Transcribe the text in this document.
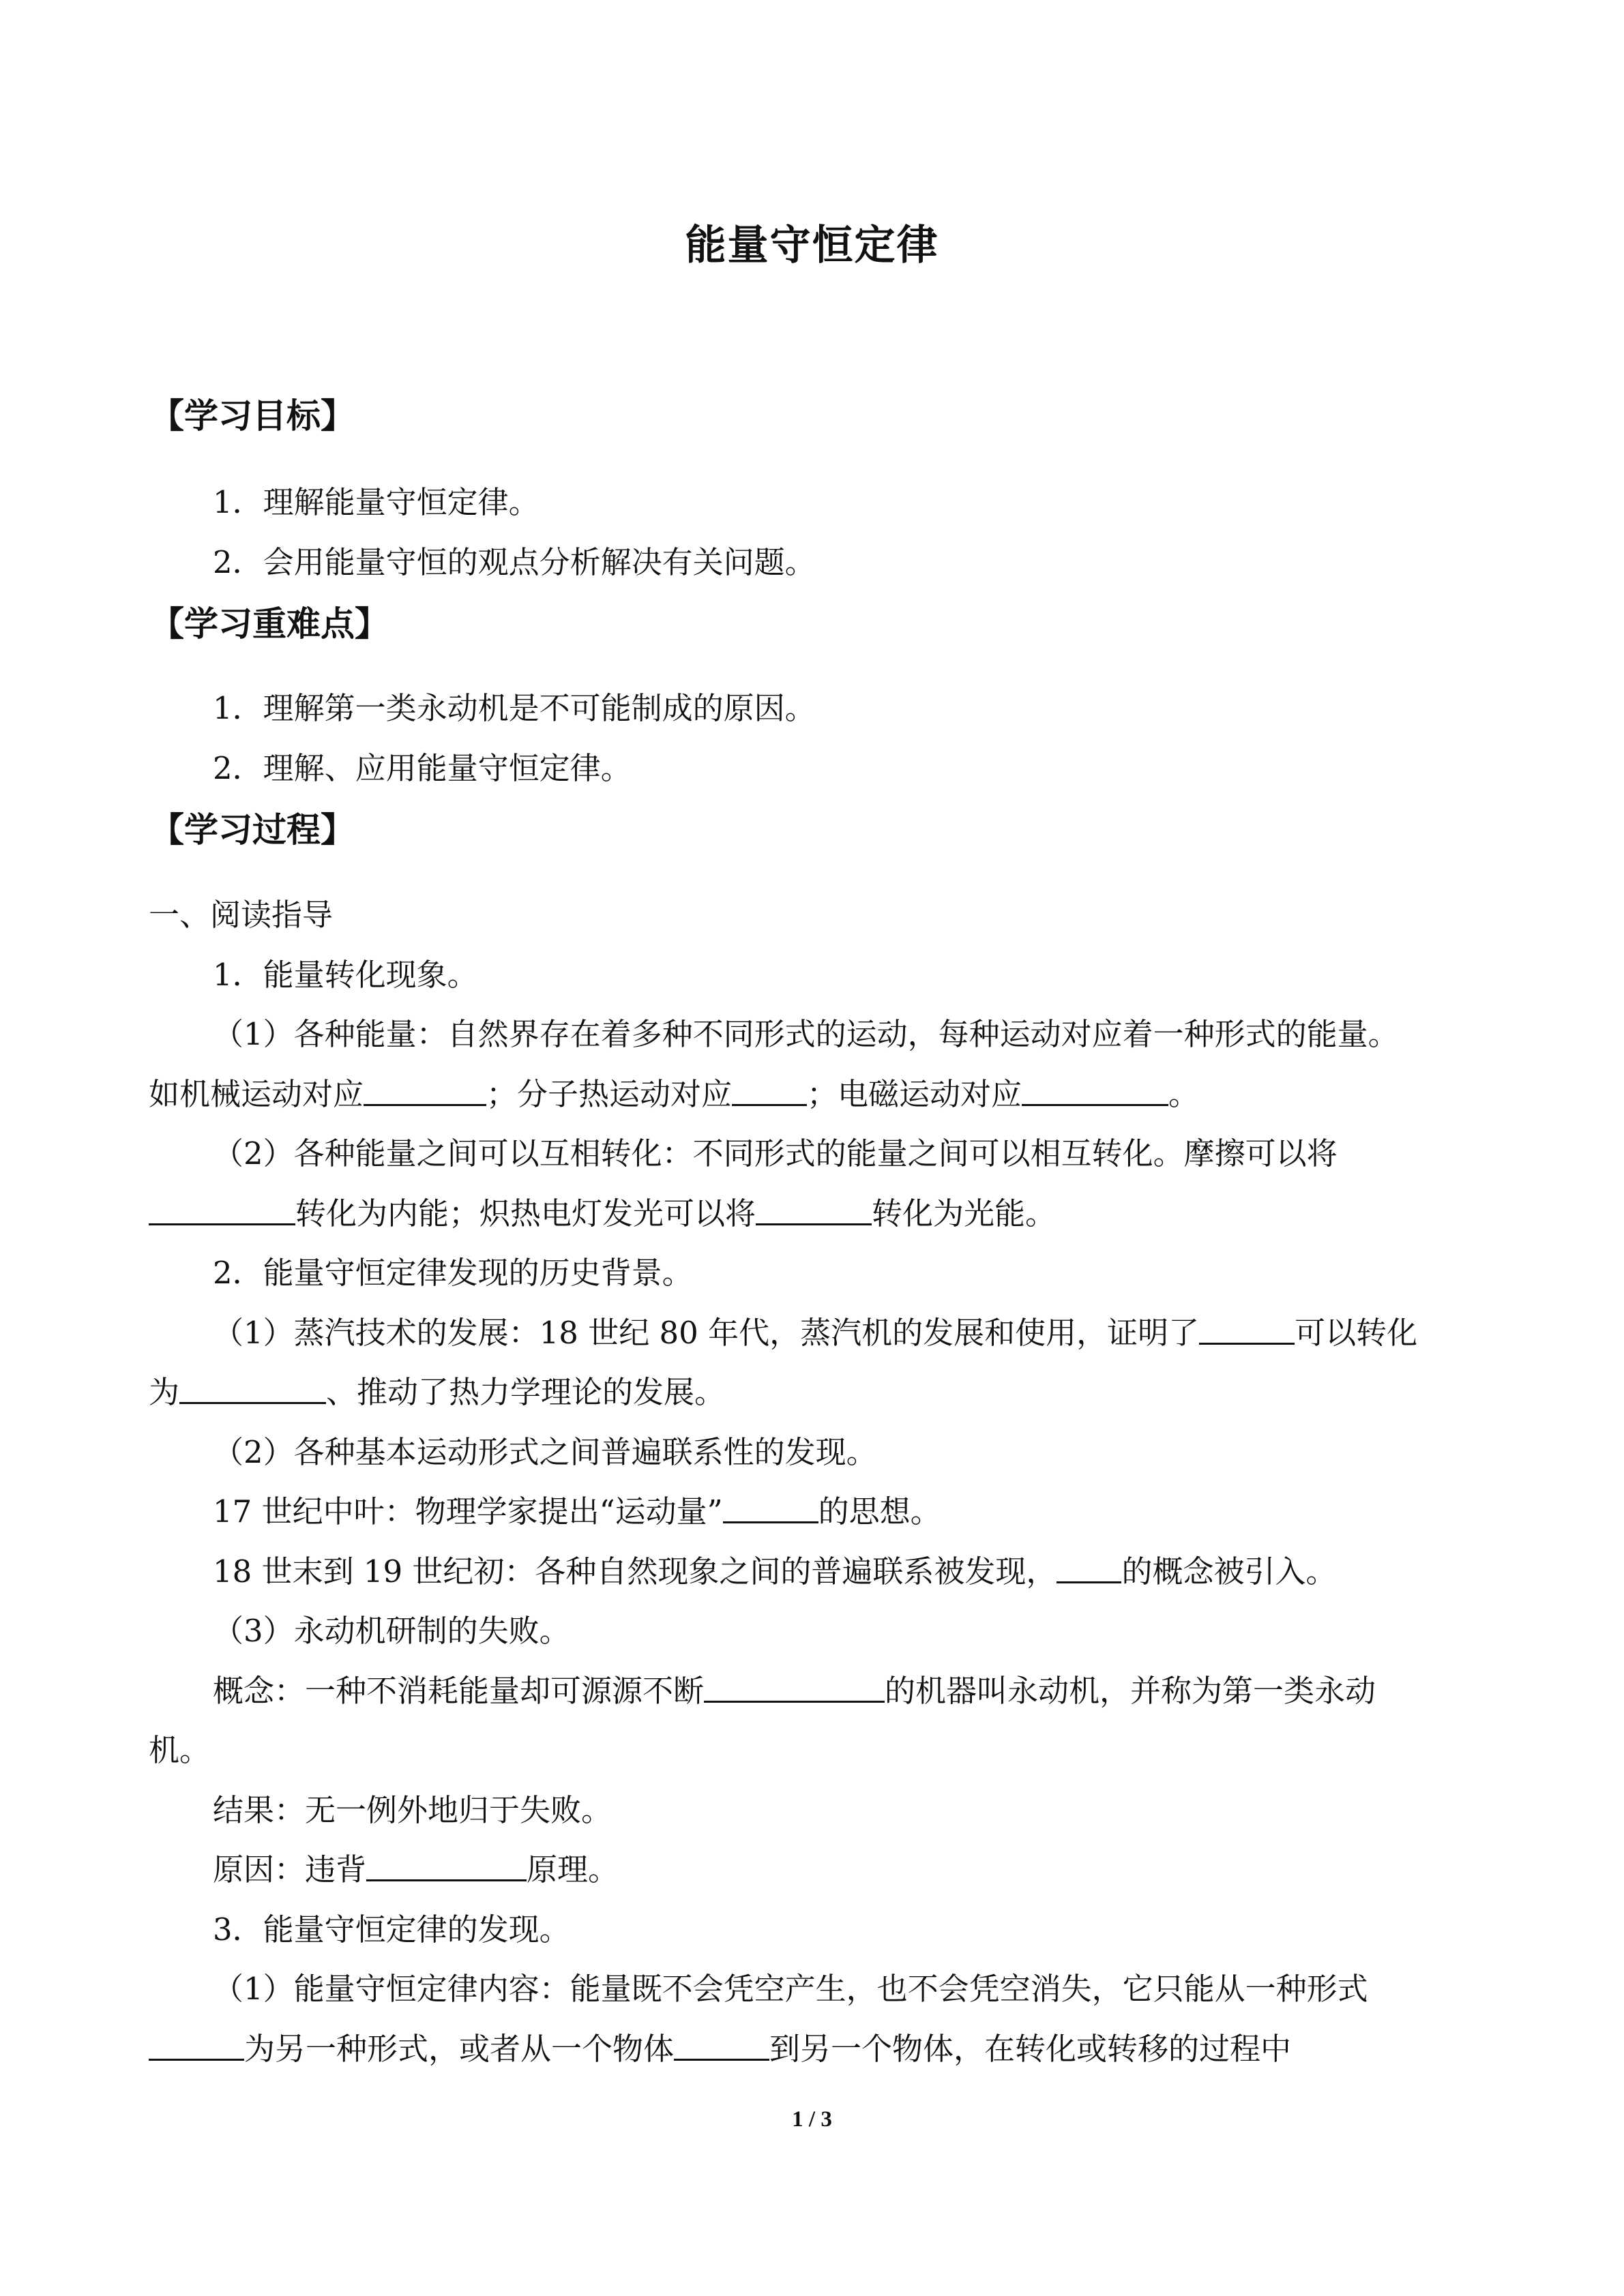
能量守恒定律
【学习目标】
1．理解能量守恒定律。
2．会用能量守恒的观点分析解决有关问题。
【学习重难点】
1．理解第一类永动机是不可能制成的原因。
2．理解、应用能量守恒定律。
【学习过程】
一、阅读指导
1．能量转化现象。
（1）各种能量：自然界存在着多种不同形式的运动，每种运动对应着一种形式的能量。
如机械运动对应	；分子热运动对应 ；电磁运动对应	。
（2）各种能量之间可以互相转化：不同形式的能量之间可以相互转化。摩擦可以将
转化为内能；炽热电灯发光可以将	转化为光能。
2．能量守恒定律发现的历史背景。
（1）蒸汽技术的发展：18 世纪 80 年代，蒸汽机的发展和使用，证明了	可以转化
为	、推动了热力学理论的发展。
（2）各种基本运动形式之间普遍联系性的发现。
17 世纪中叶：物理学家提出“运动量”	的思想。
18 世末到 19 世纪初：各种自然现象之间的普遍联系被发现， 的概念被引入。
（3）永动机研制的失败。
概念：一种不消耗能量却可源源不断	的机器叫永动机，并称为第一类永动
机。
结果：无一例外地归于失败。
原因：违背	原理。
3．能量守恒定律的发现。
（1）能量守恒定律内容：能量既不会凭空产生，也不会凭空消失，它只能从一种形式
为另一种形式，或者从一个物体	到另一个物体，在转化或转移的过程中
1 / 3
